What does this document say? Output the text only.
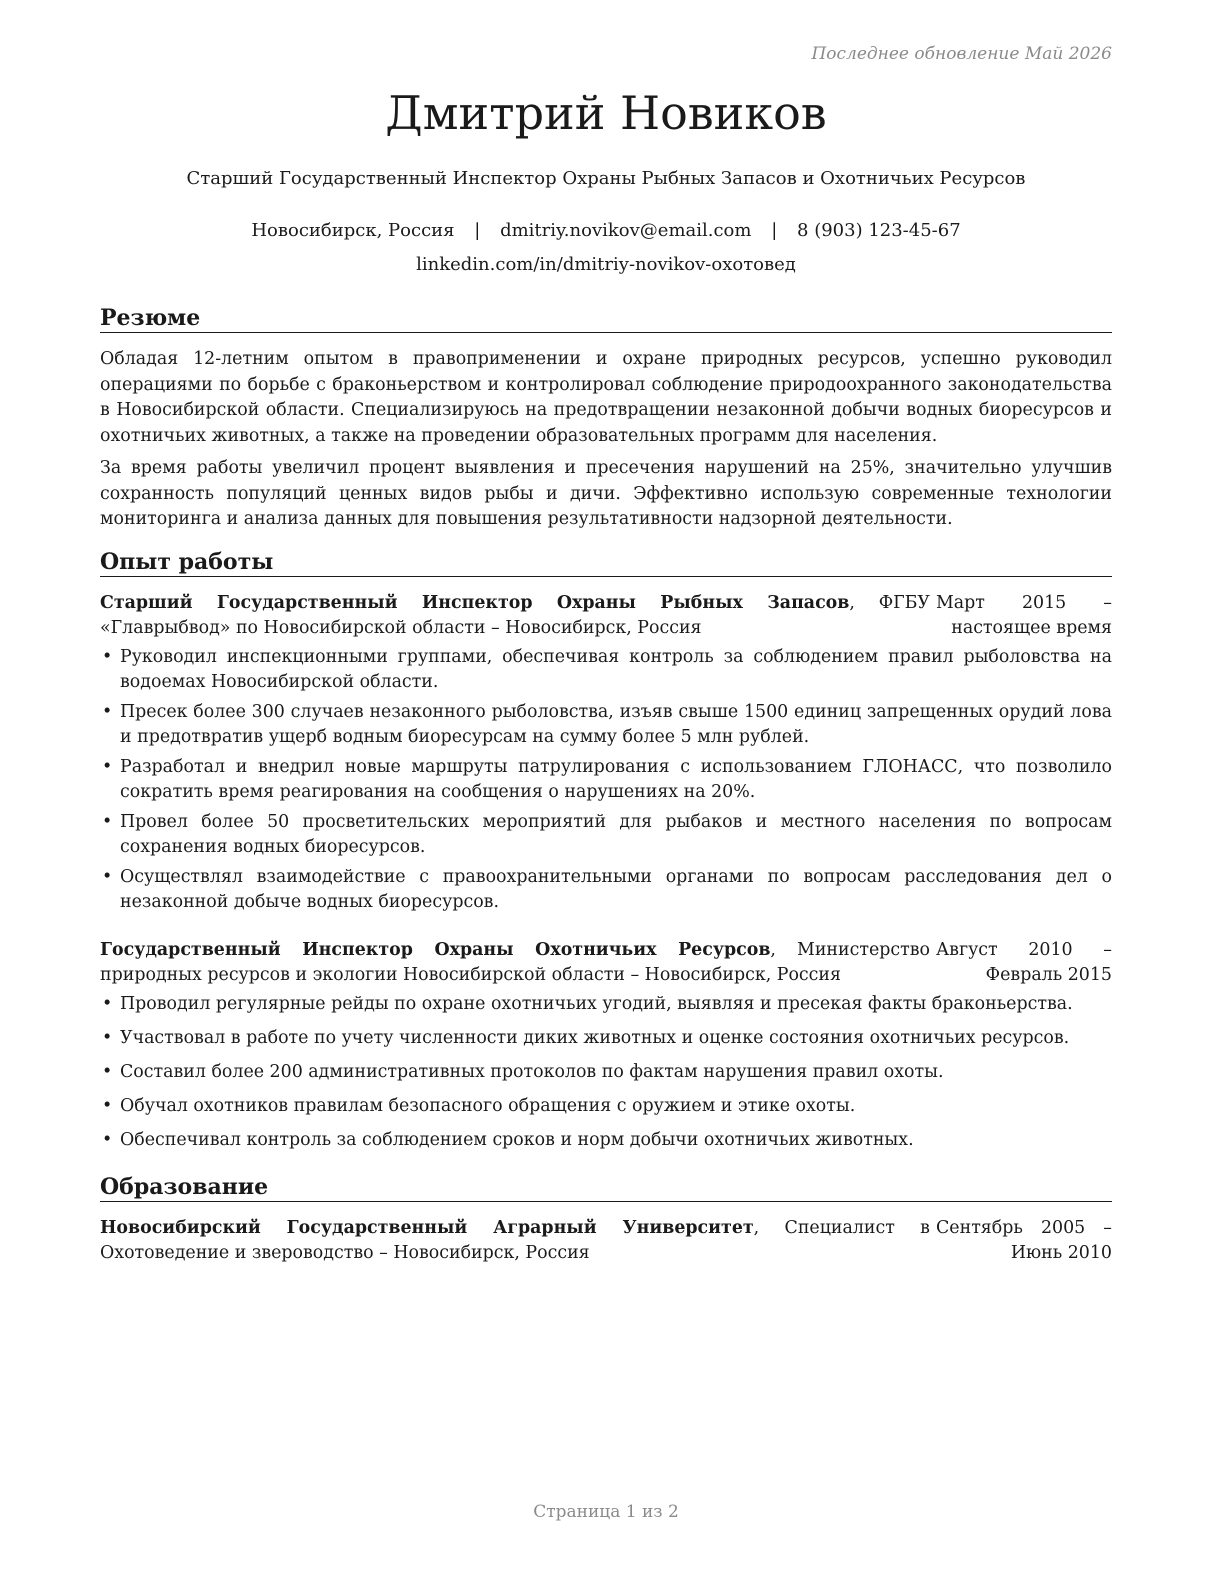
Последнее обновление Май 2026
Дмитрий Новиков

Старший Государственный Инспектор Охраны Рыбных Запасов и Охотничьих Ресурсов

Новосибирск, Россия | dmitriy.novikov@email.com | 8 (903) 123-45-67
linkedin.com/in/dmitriy-novikov-охотовед
Резюме

Обладая 12-летним опытом в правоприменении и охране природных ресурсов, успешно руководил операциями по борьбе с браконьерством и контролировал соблюдение природоохранного законодательства в Новосибирской области. Специализируюсь на предотвращении незаконной добычи водных биоресурсов и охотничьих животных, а также на проведении образовательных программ для населения.

За время работы увеличил процент выявления и пресечения нарушений на 25%, значительно улучшив сохранность популяций ценных видов рыбы и дичи. Эффективно использую современные технологии мониторинга и анализа данных для повышения результативности надзорной деятельности.

Опыт работы
Старший Государственный Инспектор Охраны Рыбных Запасов, ФГБУ «Главрыбвод» по Новосибирской области – Новосибирск, Россия
Март 2015 – настоящее время
• Руководил инспекционными группами, обеспечивая контроль за соблюдением правил рыболовства на водоемах Новосибирской области.
• Пресек более 300 случаев незаконного рыболовства, изъяв свыше 1500 единиц запрещенных орудий лова и предотвратив ущерб водным биоресурсам на сумму более 5 млн рублей.
• Разработал и внедрил новые маршруты патрулирования с использованием ГЛОНАСС, что позволило сократить время реагирования на сообщения о нарушениях на 20%.
• Провел более 50 просветительских мероприятий для рыбаков и местного населения по вопросам сохранения водных биоресурсов.
• Осуществлял взаимодействие с правоохранительными органами по вопросам расследования дел о незаконной добыче водных биоресурсов.
Государственный Инспектор Охраны Охотничьих Ресурсов, Министерство природных ресурсов и экологии Новосибирской области – Новосибирск, Россия
Август 2010 – Февраль 2015
• Проводил регулярные рейды по охране охотничьих угодий, выявляя и пресекая факты браконьерства.
• Участвовал в работе по учету численности диких животных и оценке состояния охотничьих ресурсов.
• Составил более 200 административных протоколов по фактам нарушения правил охоты.
• Обучал охотников правилам безопасного обращения с оружием и этике охоты.
• Обеспечивал контроль за соблюдением сроков и норм добычи охотничьих животных.
Образование
Новосибирский Государственный Аграрный Университет, Специалист в Охотоведение и звероводство – Новосибирск, Россия
Сентябрь 2005 – Июнь 2010
Страница 1 из 2
